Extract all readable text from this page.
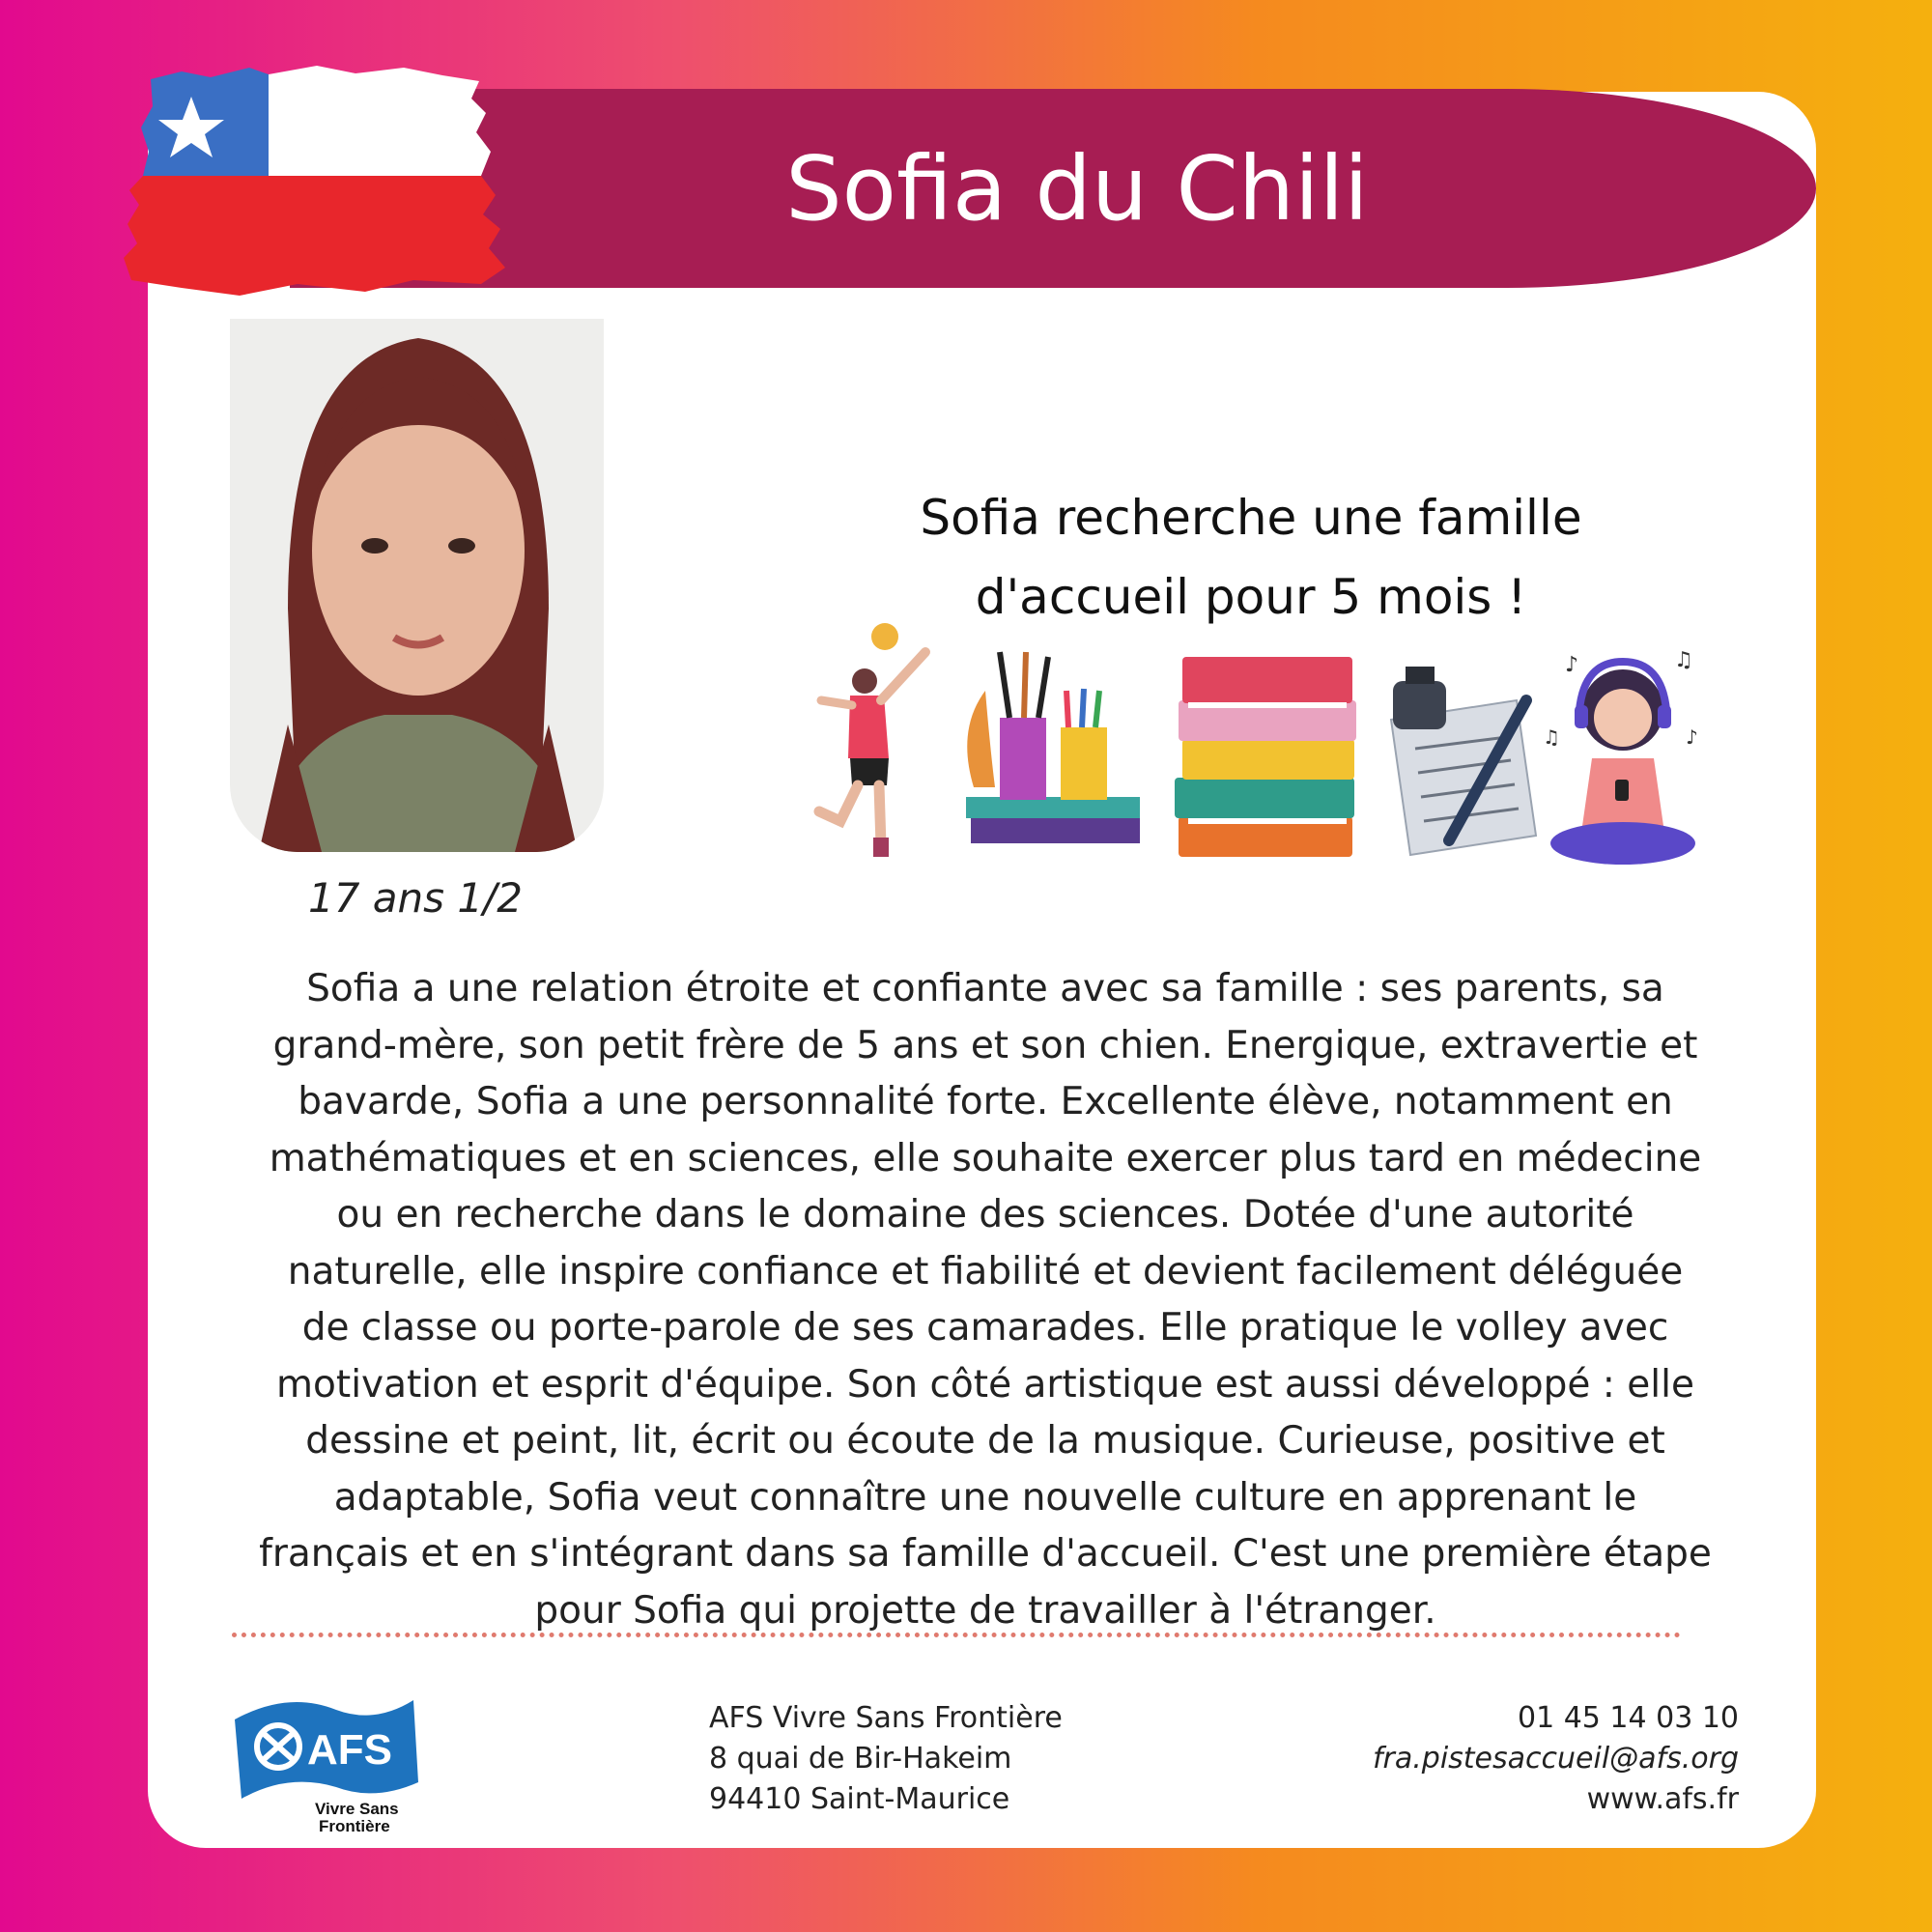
Sofia du Chili
17 ans 1/2
Sofia recherche une famille
d'accueil pour 5 mois !
♪	♫
♪
♫
Sofia a une relation étroite et confiante avec sa famille : ses parents, sa
grand-mère, son petit frère de 5 ans et son chien. Energique, extravertie et
bavarde, Sofia a une personnalité forte. Excellente élève, notamment en
mathématiques et en sciences, elle souhaite exercer plus tard en médecine
ou en recherche dans le domaine des sciences. Dotée d'une autorité
naturelle, elle inspire confiance et fiabilité et devient facilement déléguée
de classe ou porte-parole de ses camarades. Elle pratique le volley avec
motivation et esprit d'équipe. Son côté artistique est aussi développé : elle
dessine et peint, lit, écrit ou écoute de la musique. Curieuse, positive et
adaptable, Sofia veut connaître une nouvelle culture en apprenant le
français et en s'intégrant dans sa famille d'accueil. C'est une première étape
pour Sofia qui projette de travailler à l'étranger.
AFS
Vivre Sans
Frontière
AFS Vivre Sans Frontière
8 quai de Bir-Hakeim
94410 Saint-Maurice
01 45 14 03 10
fra.pistesaccueil@afs.org
www.afs.fr
